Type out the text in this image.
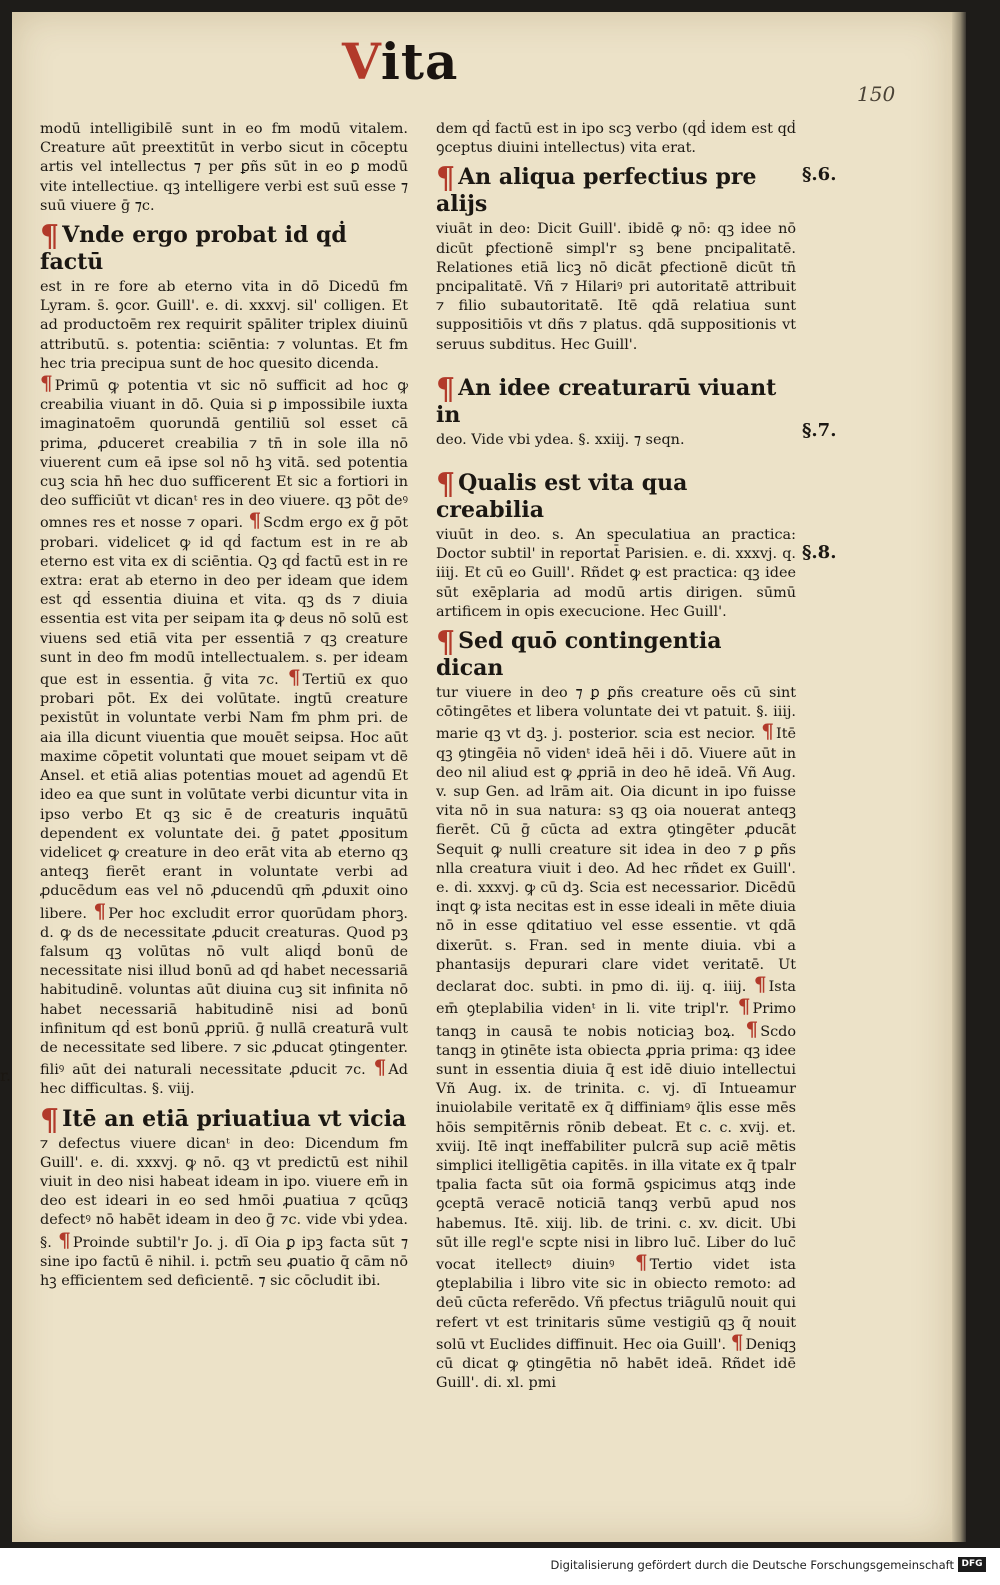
Vita
150

modū intelligibilē sunt in eo fm modū vitalem. Creature aūt preextitūt in verbo sicut in cōceptu artis vel intellectus ⁊ per ꝑñs sūt in eo ꝑ modū vite intellectiue. qꝫ intelligere verbi est suū esse ⁊ suū viuere ḡ ⁊c.

¶ Vnde ergo probat id qḋ factū

est in re fore ab eterno vita in dō Dicedū fm Lyram. s̄. ꝯcor. Guill'. e. di. xxxvj. sil' colligen. Et ad productoēm rex requirit spāliter triplex diuinū attributū. s. potentia: sciēntia: ⁊ voluntas. Et fm hec tria precipua sunt de hoc quesito dicenda.

¶ Primū ꝙ potentia vt sic nō sufficit ad hoc ꝙ creabilia viuant in dō. Quia si ꝑ impossibile iuxta imaginatoēm quorundā gentiliū sol esset cā prima, ꝓduceret creabilia ⁊ tn̄ in sole illa nō viuerent cum eā ipse sol nō hꝫ vitā. sed potentia cuꝫ scia hn̄ hec duo sufficerent Et sic a fortiori in deo sufficiūt vt dicanᵗ res in deo viuere. qꝫ pōt deꝰ omnes res et nosse ⁊ opari. ¶ Scdm ergo ex ḡ pōt probari. videlicet ꝙ id qḋ factum est in re ab eterno est vita ex di sciēntia. Qꝫ qḋ factū est in re extra: erat ab eterno in deo per ideam que idem est qḋ essentia diuina et vita. qꝫ ds ⁊ diuia essentia est vita per seipam ita ꝙ deus nō solū est viuens sed etiā vita per essentiā ⁊ qꝫ creature sunt in deo fm modū intellectualem. s. per ideam que est in essentia. ḡ vita ⁊c. ¶ Tertiū ex quo probari pōt. Ex dei volūtate. ingtū creature pexistūt in voluntate verbi Nam fm phm pri. de aia illa dicunt viuentia que mouēt seipsa. Hoc aūt maxime cōpetit voluntati que mouet seipam vt dē Ansel. et etiā alias potentias mouet ad agendū Et ideo ea que sunt in volūtate verbi dicuntur vita in ipso verbo Et qꝫ sic ē de creaturis inquātū dependent ex voluntate dei. ḡ patet ꝓpositum videlicet ꝙ creature in deo erāt vita ab eterno qꝫ anteqꝫ fierēt erant in voluntate verbi ad ꝓducēdum eas vel nō ꝓducendū qm̄ ꝓduxit oino libere. ¶ Per hoc excludit error quorūdam phorꝫ. d. ꝙ ds de necessitate ꝓducit creaturas. Quod pꝫ falsum qꝫ volūtas nō vult aliqḋ bonū de necessitate nisi illud bonū ad qḋ habet necessariā habitudinē. voluntas aūt diuina cuꝫ sit infinita nō habet necessariā habitudinē nisi ad bonū infinitum qḋ est bonū ꝓpriū. ḡ nullā creaturā vult de necessitate sed libere. ⁊ sic ꝓducat ꝯtingenter. filiꝰ aūt dei naturali necessitate ꝓducit ⁊c. ¶ Ad hec difficultas. §. viij.

¶ Itē an etiā priuatiua vt vicia

⁊ defectus viuere dicanᵗ in deo: Dicendum fm Guill'. e. di. xxxvj. ꝙ nō. qꝫ vt predictū est nihil viuit in deo nisi habeat ideam in ipo. viuere em̄ in deo est ideari in eo sed hmōi ꝓuatiua ⁊ qcūqꝫ defectꝰ nō habēt ideam in deo ḡ ⁊c. vide vbi ydea. §. ¶ Proinde subtil'r Jo. j. dī Oia ꝑ ipꝫ facta sūt ⁊ sine ipo factū ē nihil. i. pctm̄ seu ꝓuatio q̄ cām nō hꝫ efficientem sed deficientē. ⁊ sic cōcludit ibi.

dem qḋ factū est in ipo scꝫ verbo (qḋ idem est qḋ ꝯceptus diuini intellectus) vita erat.

¶ An aliqua perfectius pre alijs

viuāt in deo: Dicit Guill'. ibidē ꝙ nō: qꝫ idee nō dicūt ꝑfectionē simpl'r sꝫ bene pncipalitatē. Relationes etiā licꝫ nō dicāt ꝑfectionē dicūt tn̄ pncipalitatē. Vñ ⁊ Hilariꝰ pri autoritatē attribuit ⁊ filio subautoritatē. Itē qdā relatiua sunt suppositiōis vt dñs ⁊ platus. qdā suppositionis vt seruus subditus. Hec Guill'.

¶ An idee creaturarū viuant in

deo. Vide vbi ydea. §. xxiij. ⁊ seqn.

¶ Qualis est vita qua creabilia

viuūt in deo. s. An speculatiua an practica: Doctor subtil' in reportat̄ Parisien. e. di. xxxvj. q. iiij. Et cū eo Guill'. Rñdet ꝙ est practica: qꝫ idee sūt exēplaria ad modū artis dirigen. sūmū artificem in opis execucione. Hec Guill'.

¶ Sed quō contingentia dican

tur viuere in deo ⁊ ꝑ ꝑñs creature oēs cū sint cōtingētes et libera voluntate dei vt patuit. §. iiij. marie qꝫ vt dꝫ. j. posterior. scia est necior. ¶ Itē qꝫ ꝯtingēia nō videnᵗ ideā hēi i dō. Viuere aūt in deo nil aliud est ꝙ ꝓpriā in deo hē ideā. Vñ Aug. v. sup Gen. ad lrām ait. Oia dicunt in ipo fuisse vita nō in sua natura: sꝫ qꝫ oia nouerat anteqꝫ fierēt. Cū ḡ cūcta ad extra ꝯtingēter ꝓducāt Sequit ꝙ nulli creature sit idea in deo ⁊ ꝑ ꝑñs nlla creatura viuit i deo. Ad hec rñdet ex Guill'. e. di. xxxvj. ꝙ cū dꝫ. Scia est necessarior. Dicēdū inqt ꝙ ista necitas est in esse ideali in mēte diuia nō in esse qditatiuo vel esse essentie. vt qdā dixerūt. s. Fran. sed in mente diuia. vbi a phantasijs depurari clare videt veritatē. Ut declarat doc. subti. in pmo di. iij. q. iiij. ¶ Ista em̄ ꝯteplabilia videnᵗ in li. vite tripl'r. ¶ Primo tanqꝫ in causā te nobis noticiaꝫ boꝝ. ¶ Scdo tanqꝫ in ꝯtinēte ista obiecta ꝓpria prima: qꝫ idee sunt in essentia diuia q̄ est idē diuio intellectui Vñ Aug. ix. de trinita. c. vj. dī Intueamur inuiolabile veritatē ex q̄ diffiniamꝰ q̈lis esse mēs hōis sempitērnis rōnib debeat. Et c. c. xvij. et. xviij. Itē inqt ineffabiliter pulcrā sup aciē mētis simplici itelligētia capitēs. in illa vitate ex q̄ tpalr tpalia facta sūt oia formā ꝯspicimus atqꝫ inde ꝯceptā veracē noticiā tanqꝫ verbū apud nos habemus. Itē. xiij. lib. de trini. c. xv. dicit. Ubi sūt ille regl'e scpte nisi in libro luc̄. Liber do luc̄ vocat itellectꝰ diuinꝰ ¶ Tertio videt ista ꝯteplabilia i libro vite sic in obiecto remoto: ad deū cūcta referēdo. Vñ pfectus triāgulū nouit qui refert vt est trinitaris sūme vestigiū qꝫ q̄ nouit solū vt Euclides diffinuit. Hec oia Guill'. ¶ Deniqꝫ cū dicat ꝙ ꝯtingētia nō habēt ideā. Rñdet idē Guill'. di. xl. pmi

§.6.
§.7.
§.8.
r.
Digitalisierung gefördert durch die Deutsche Forschungsgemeinschaft DFG
